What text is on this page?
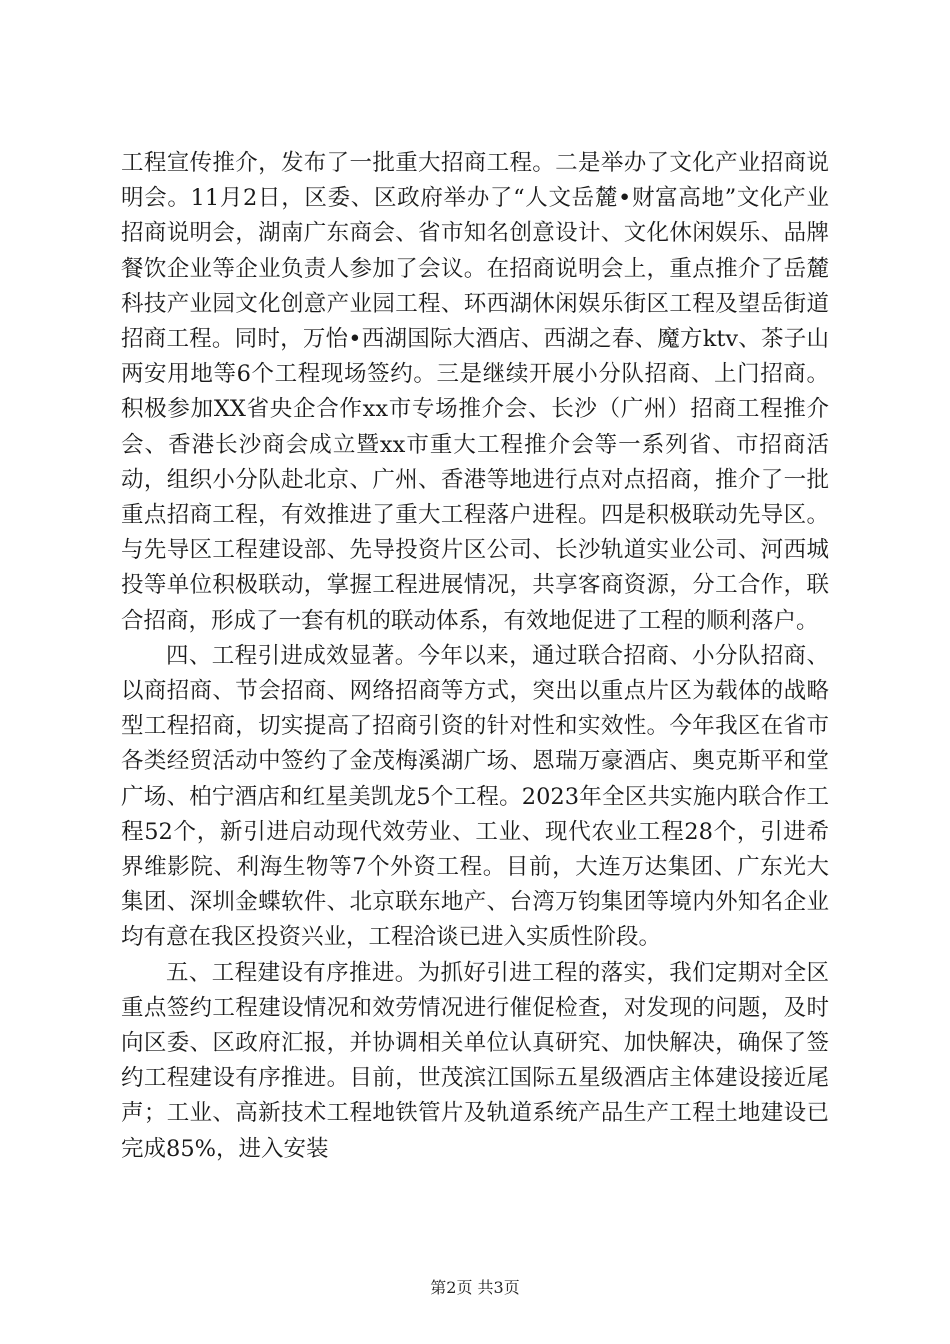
工程宣传推介，发布了一批重大招商工程。二是举办了文化产业招商说明会。11月2日，区委、区政府举办了“人文岳麓•财富高地”文化产业招商说明会，湖南广东商会、省市知名创意设计、文化休闲娱乐、品牌餐饮企业等企业负责人参加了会议。在招商说明会上，重点推介了岳麓科技产业园文化创意产业园工程、环西湖休闲娱乐街区工程及望岳街道招商工程。同时，万怡•西湖国际大酒店、西湖之春、魔方ktv、茶子山两安用地等6个工程现场签约。三是继续开展小分队招商、上门招商。积极参加XX省央企合作xx市专场推介会、长沙（广州）招商工程推介会、香港长沙商会成立暨xx市重大工程推介会等一系列省、市招商活动，组织小分队赴北京、广州、香港等地进行点对点招商，推介了一批重点招商工程，有效推进了重大工程落户进程。四是积极联动先导区。与先导区工程建设部、先导投资片区公司、长沙轨道实业公司、河西城投等单位积极联动，掌握工程进展情况，共享客商资源，分工合作，联合招商，形成了一套有机的联动体系，有效地促进了工程的顺利落户。

四、工程引进成效显著。今年以来，通过联合招商、小分队招商、以商招商、节会招商、网络招商等方式，突出以重点片区为载体的战略型工程招商，切实提高了招商引资的针对性和实效性。今年我区在省市各类经贸活动中签约了金茂梅溪湖广场、恩瑞万豪酒店、奥克斯平和堂广场、柏宁酒店和红星美凯龙5个工程。2023年全区共实施内联合作工程52个，新引进启动现代效劳业、工业、现代农业工程28个，引进希界维影院、利海生物等7个外资工程。目前，大连万达集团、广东光大集团、深圳金蝶软件、北京联东地产、台湾万钧集团等境内外知名企业均有意在我区投资兴业，工程洽谈已进入实质性阶段。

五、工程建设有序推进。为抓好引进工程的落实，我们定期对全区重点签约工程建设情况和效劳情况进行催促检查，对发现的问题，及时向区委、区政府汇报，并协调相关单位认真研究、加快解决，确保了签约工程建设有序推进。目前，世茂滨江国际五星级酒店主体建设接近尾声；工业、高新技术工程地铁管片及轨道系统产品生产工程土地建设已完成85%，进入安装

第2页 共3页
